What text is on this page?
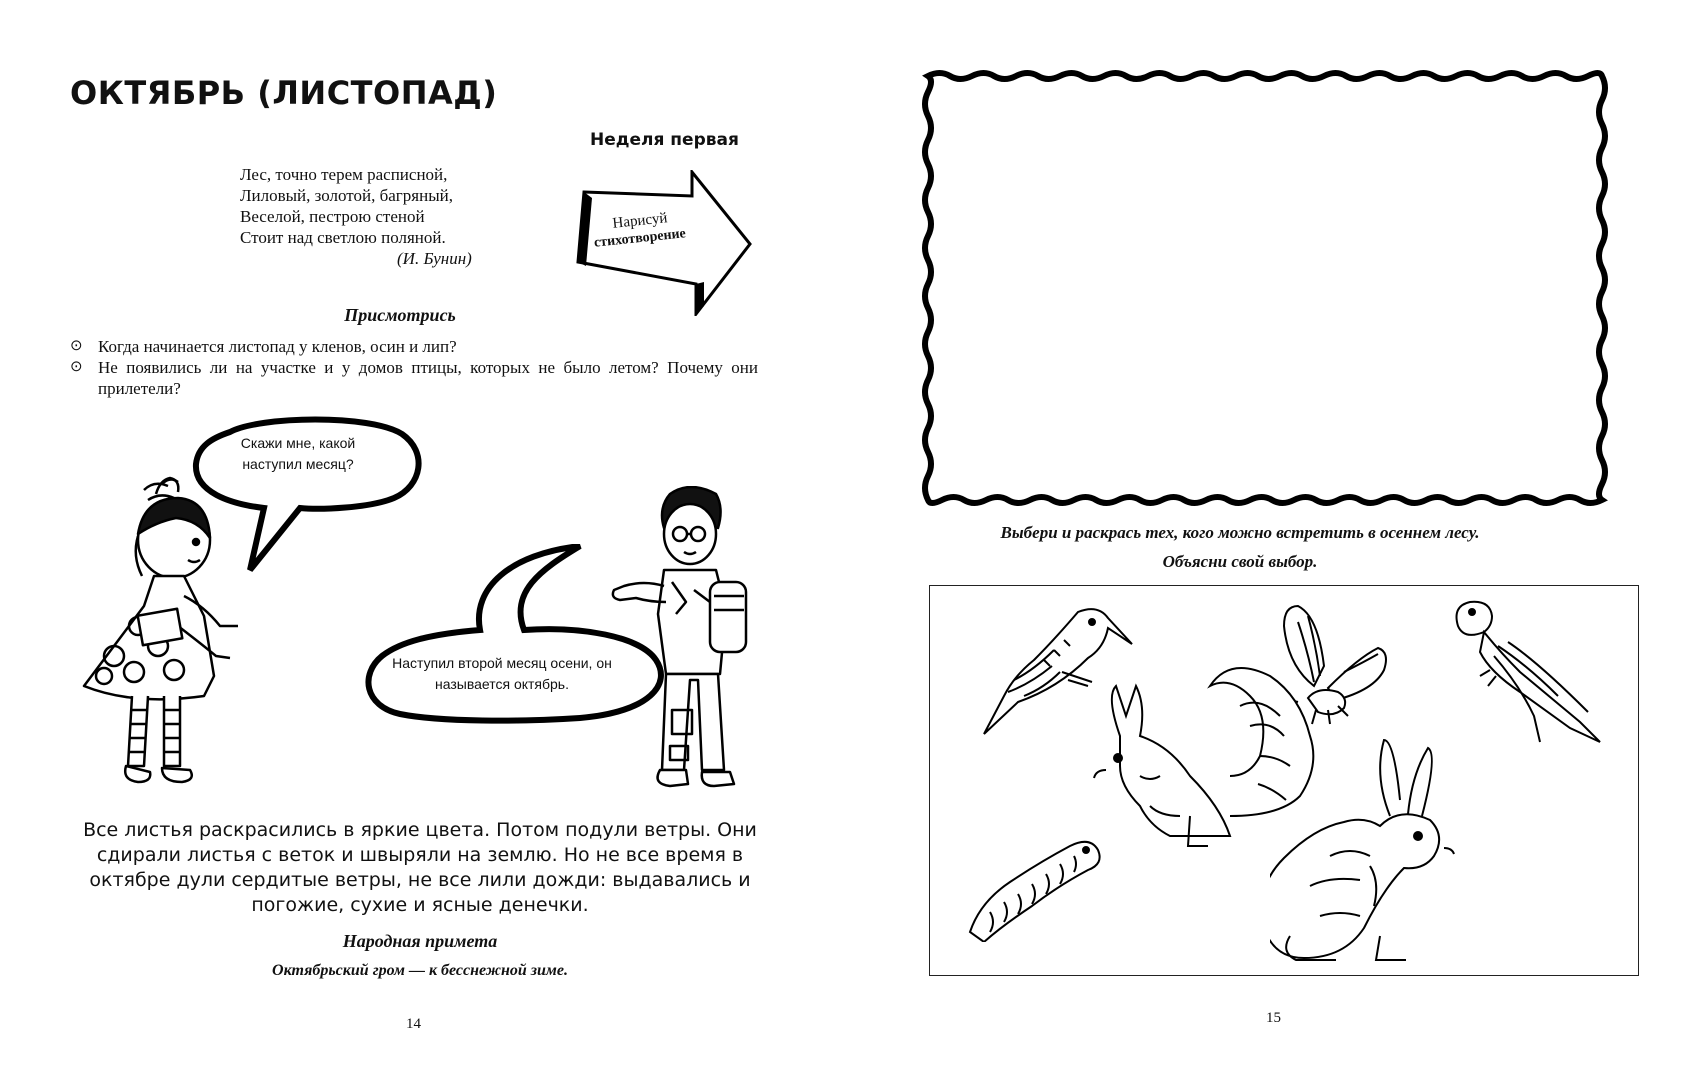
ОКТЯБРЬ (ЛИСТОПАД)
Неделя первая
Лес, точно терем расписной,
Лиловый, золотой, багряный,
Веселой, пестрою стеной
Стоит над светлою поляной.
(И. Бунин)
Нарисуй
стихотворение
Присмотрись
⊙ Когда начинается листопад у кленов, осин и лип?
⊙ Не появились ли на участке и у домов птицы, которых не было летом? Почему они прилетели?
Скажи мне, какой наступил месяц?
Наступил второй месяц осени, он называется октябрь.
Все листья раскрасились в яркие цвета. Потом подули ветры. Они сдирали листья с веток и швыряли на землю. Но не все время в октябре дули сердитые ветры, не все лили дожди: выдавались и погожие, сухие и ясные денечки.
Народная примета
Октябрьский гром — к бесснежной зиме.
14	15
Выбери и раскрась тех, кого можно встретить в осеннем лесу.
Объясни свой выбор.
